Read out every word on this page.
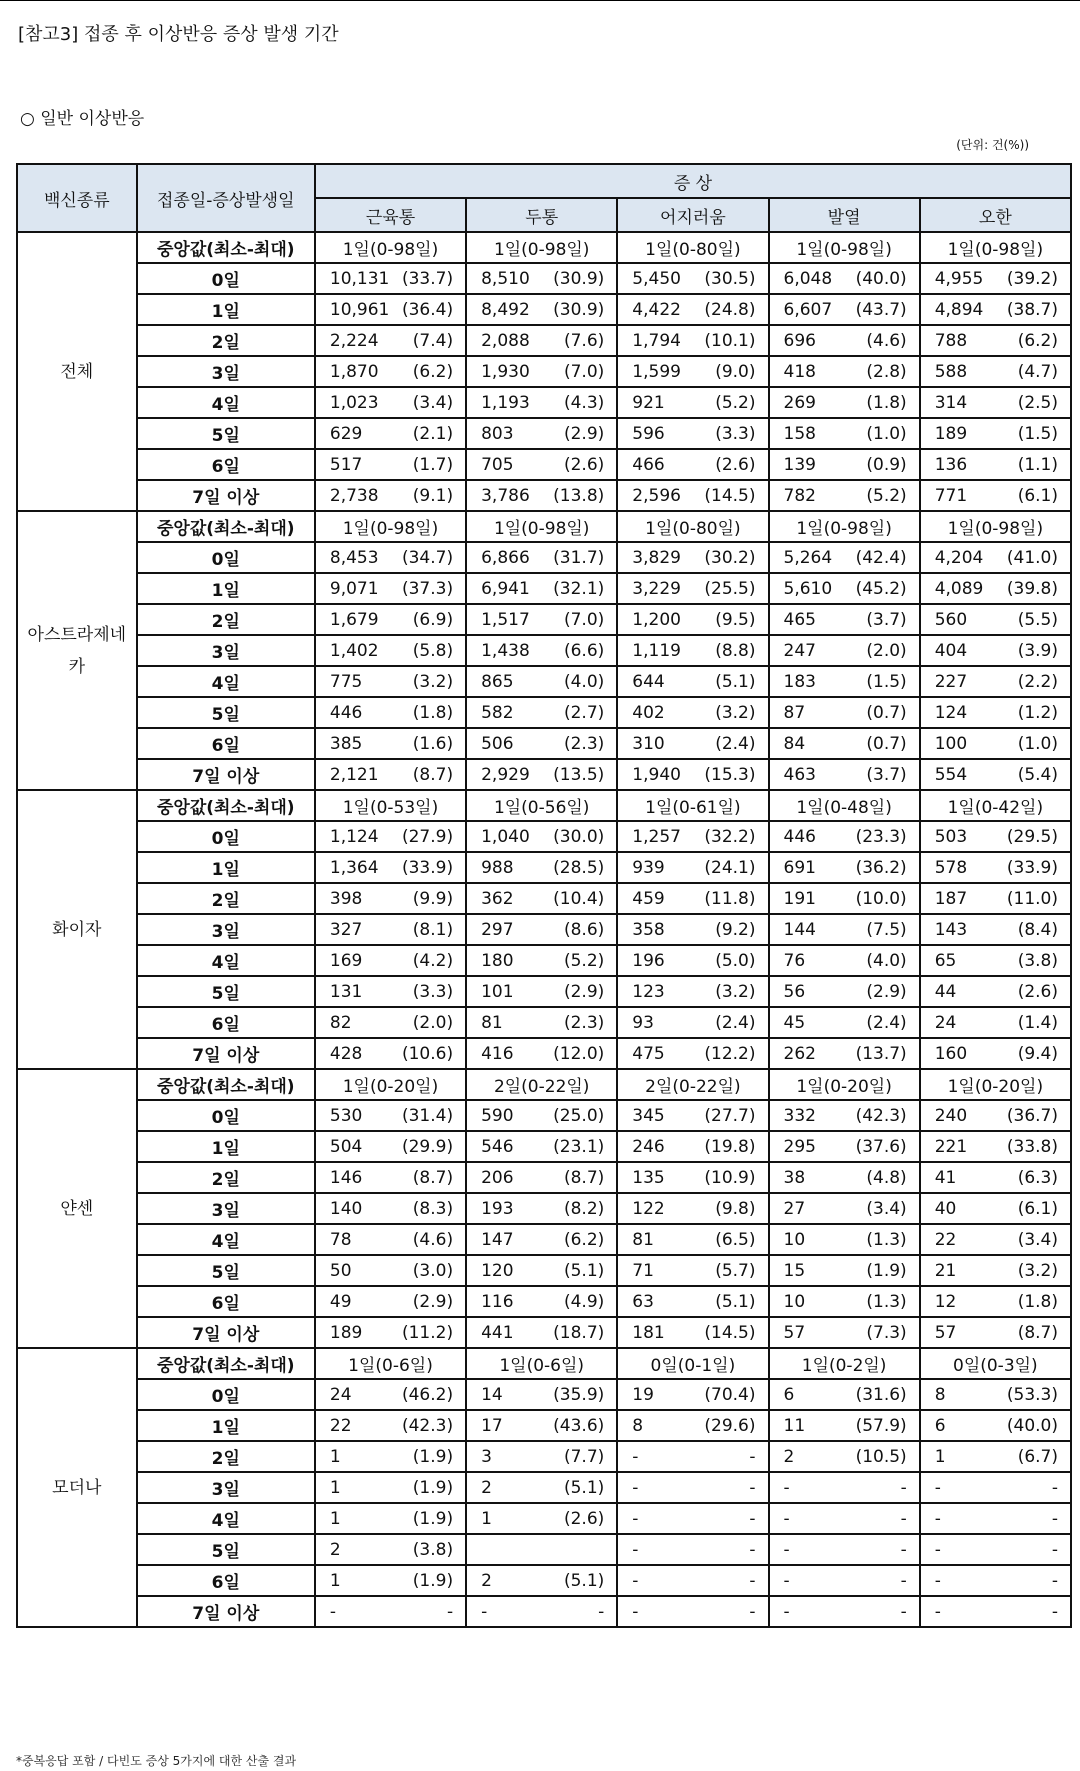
[참고3] 접종 후 이상반응 증상 발생 기간
○ 일반 이상반응
(단위: 건(%))
백신종류	접종일-증상발생일	증 상				
		근육통	두통	어지러움	발열	오한
전체	중앙값(최소-최대)	1일(0-98일)	1일(0-98일)	1일(0-80일)	1일(0-98일)	1일(0-98일)
	0일	10,131 (33.7)	8,510 (30.9)	5,450 (30.5)	6,048 (40.0)	4,955 (39.2)

	1일	10,961 (36.4)	8,492 (30.9)	4,422 (24.8)	6,607 (43.7)	4,894 (38.7)

	2일	2,224 (7.4)	2,088 (7.6)	1,794 (10.1)	696 (4.6)	788 (6.2)

	3일	1,870 (6.2)	1,930 (7.0)	1,599 (9.0)	418 (2.8)	588 (4.7)

	4일	1,023 (3.4)	1,193 (4.3)	921 (5.2)	269 (1.8)	314 (2.5)

	5일	629 (2.1)	803 (2.9)	596 (3.3)	158 (1.0)	189 (1.5)

	6일	517 (1.7)	705 (2.6)	466 (2.6)	139 (0.9)	136 (1.1)

	7일 이상	2,738 (9.1)	3,786 (13.8)	2,596 (14.5)	782 (5.2)	771 (6.1)

아스트라제네카	중앙값(최소-최대)	1일(0-98일)	1일(0-98일)	1일(0-80일)	1일(0-98일)	1일(0-98일)
	0일	8,453 (34.7)	6,866 (31.7)	3,829 (30.2)	5,264 (42.4)	4,204 (41.0)

	1일	9,071 (37.3)	6,941 (32.1)	3,229 (25.5)	5,610 (45.2)	4,089 (39.8)

	2일	1,679 (6.9)	1,517 (7.0)	1,200 (9.5)	465 (3.7)	560 (5.5)

	3일	1,402 (5.8)	1,438 (6.6)	1,119 (8.8)	247 (2.0)	404 (3.9)

	4일	775 (3.2)	865 (4.0)	644 (5.1)	183 (1.5)	227 (2.2)

	5일	446 (1.8)	582 (2.7)	402 (3.2)	87 (0.7)	124 (1.2)

	6일	385 (1.6)	506 (2.3)	310 (2.4)	84 (0.7)	100 (1.0)

	7일 이상	2,121 (8.7)	2,929 (13.5)	1,940 (15.3)	463 (3.7)	554 (5.4)

화이자	중앙값(최소-최대)	1일(0-53일)	1일(0-56일)	1일(0-61일)	1일(0-48일)	1일(0-42일)
	0일	1,124 (27.9)	1,040 (30.0)	1,257 (32.2)	446 (23.3)	503 (29.5)

	1일	1,364 (33.9)	988 (28.5)	939 (24.1)	691 (36.2)	578 (33.9)

	2일	398 (9.9)	362 (10.4)	459 (11.8)	191 (10.0)	187 (11.0)

	3일	327 (8.1)	297 (8.6)	358 (9.2)	144 (7.5)	143 (8.4)

	4일	169 (4.2)	180 (5.2)	196 (5.0)	76 (4.0)	65 (3.8)

	5일	131 (3.3)	101 (2.9)	123 (3.2)	56 (2.9)	44 (2.6)

	6일	82 (2.0)	81 (2.3)	93 (2.4)	45 (2.4)	24 (1.4)

	7일 이상	428 (10.6)	416 (12.0)	475 (12.2)	262 (13.7)	160 (9.4)

얀센	중앙값(최소-최대)	1일(0-20일)	2일(0-22일)	2일(0-22일)	1일(0-20일)	1일(0-20일)
	0일	530 (31.4)	590 (25.0)	345 (27.7)	332 (42.3)	240 (36.7)

	1일	504 (29.9)	546 (23.1)	246 (19.8)	295 (37.6)	221 (33.8)

	2일	146 (8.7)	206 (8.7)	135 (10.9)	38 (4.8)	41 (6.3)

	3일	140 (8.3)	193 (8.2)	122 (9.8)	27 (3.4)	40 (6.1)

	4일	78 (4.6)	147 (6.2)	81 (6.5)	10 (1.3)	22 (3.4)

	5일	50 (3.0)	120 (5.1)	71 (5.7)	15 (1.9)	21 (3.2)

	6일	49 (2.9)	116 (4.9)	63 (5.1)	10 (1.3)	12 (1.8)

	7일 이상	189 (11.2)	441 (18.7)	181 (14.5)	57 (7.3)	57 (8.7)

모더나	중앙값(최소-최대)	1일(0-6일)	1일(0-6일)	0일(0-1일)	1일(0-2일)	0일(0-3일)
	0일	24 (46.2)	14 (35.9)	19 (70.4)	6 (31.6)	8 (53.3)

	1일	22 (42.3)	17 (43.6)	8 (29.6)	11 (57.9)	6 (40.0)

	2일	1 (1.9)	3 (7.7)	- -	2 (10.5)	1 (6.7)

	3일	1 (1.9)	2 (5.1)	- -	- -	- -

	4일	1 (1.9)	1 (2.6)	- -	- -	- -

	5일	2 (3.8)		- -	- -	- -

	6일	1 (1.9)	2 (5.1)	- -	- -	- -

	7일 이상	- -	- -	- -	- -	- -
*중복응답 포함 / 다빈도 증상 5가지에 대한 산출 결과
